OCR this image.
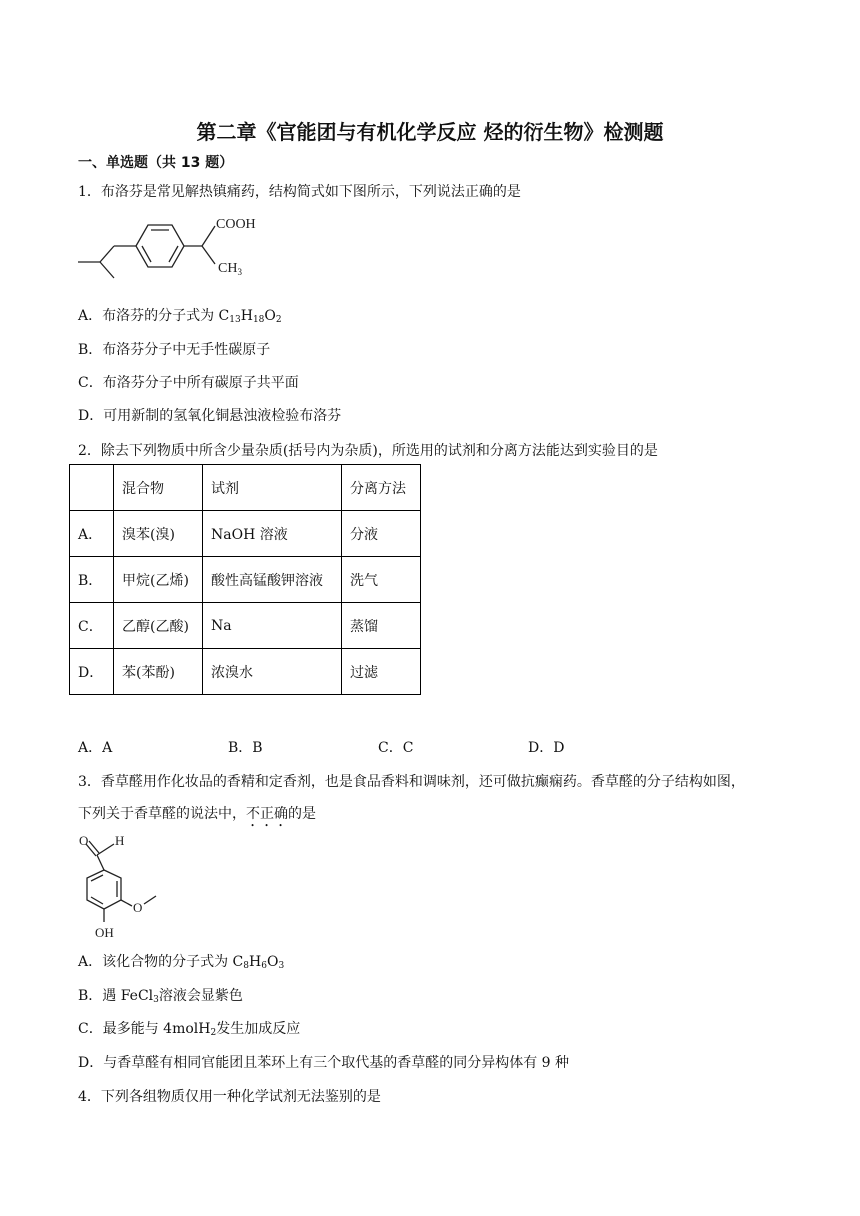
第二章《官能团与有机化学反应 烃的衍生物》检测题
一、单选题（共 13 题）
1．布洛芬是常见解热镇痛药，结构简式如下图所示，下列说法正确的是
COOH
$CH_3$
A．布洛芬的分子式为 $C_{13}H_{18}O_2$
B．布洛芬分子中无手性碳原子
C．布洛芬分子中所有碳原子共平面
D．可用新制的氢氧化铜悬浊液检验布洛芬
2．除去下列物质中所含少量杂质(括号内为杂质)，所选用的试剂和分离方法能达到实验目的是
	混合物	试剂	分离方法
A．	溴苯(溴)	NaOH 溶液	分液
B．	甲烷(乙烯)	酸性高锰酸钾溶液	洗气
C．	乙醇(乙酸)	Na	蒸馏
D．	苯(苯酚)	浓溴水	过滤
A．A	B．B	C．C	D．D
3．香草醛用作化妆品的香精和定香剂，也是食品香料和调味剂，还可做抗癫痫药。香草醛的分子结构如图，
下列关于香草醛的说法中，不正确的是
O H
O
OH
A．该化合物的分子式为 $C_8H_6O_3$
B．遇 FeCl$_3$溶液会显紫色
C．最多能与 4molH$_2$发生加成反应
D．与香草醛有相同官能团且苯环上有三个取代基的香草醛的同分异构体有 9 种
4．下列各组物质仅用一种化学试剂无法鉴别的是
